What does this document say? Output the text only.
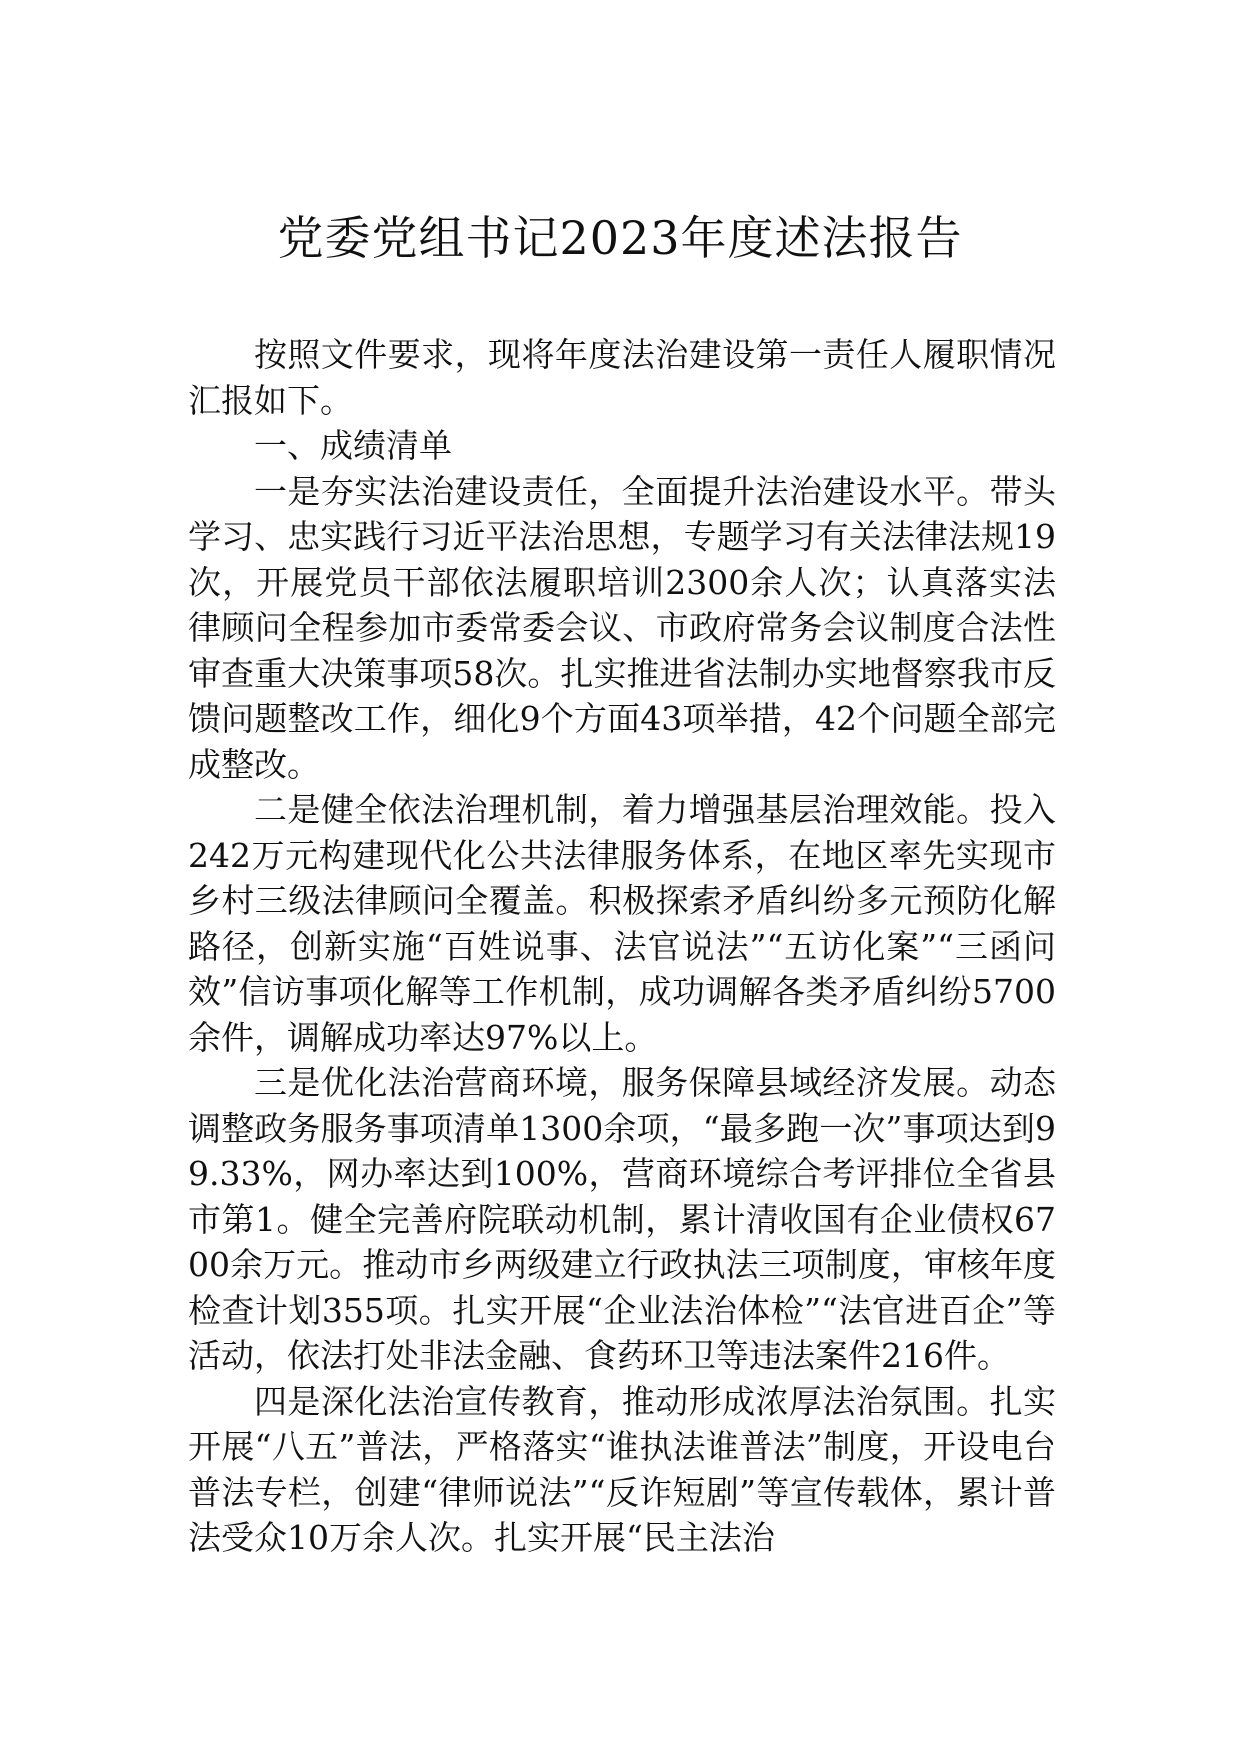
党委党组书记2023年度述法报告

按照文件要求，现将年度法治建设第一责任人履职情况汇报如下。

一、成绩清单

一是夯实法治建设责任，全面提升法治建设水平。带头学习、忠实践行习近平法治思想，专题学习有关法律法规19次，开展党员干部依法履职培训2300余人次；认真落实法律顾问全程参加市委常委会议、市政府常务会议制度合法性审查重大决策事项58次。扎实推进省法制办实地督察我市反馈问题整改工作，细化9个方面43项举措，42个问题全部完成整改。

二是健全依法治理机制，着力增强基层治理效能。投入242万元构建现代化公共法律服务体系，在地区率先实现市乡村三级法律顾问全覆盖。积极探索矛盾纠纷多元预防化解路径，创新实施“百姓说事、法官说法”“五访化案”“三函问效”信访事项化解等工作机制，成功调解各类矛盾纠纷5700余件，调解成功率达97%以上。

三是优化法治营商环境，服务保障县域经济发展。动态调整政务服务事项清单1300余项，“最多跑一次”事项达到99.33%，网办率达到100%，营商环境综合考评排位全省县市第1。健全完善府院联动机制，累计清收国有企业债权6700余万元。推动市乡两级建立行政执法三项制度，审核年度检查计划355项。扎实开展“企业法治体检”“法官进百企”等活动，依法打处非法金融、食药环卫等违法案件216件。

四是深化法治宣传教育，推动形成浓厚法治氛围。扎实开展“八五”普法，严格落实“谁执法谁普法”制度，开设电台普法专栏，创建“律师说法”“反诈短剧”等宣传载体，累计普法受众10万余人次。扎实开展“民主法治
